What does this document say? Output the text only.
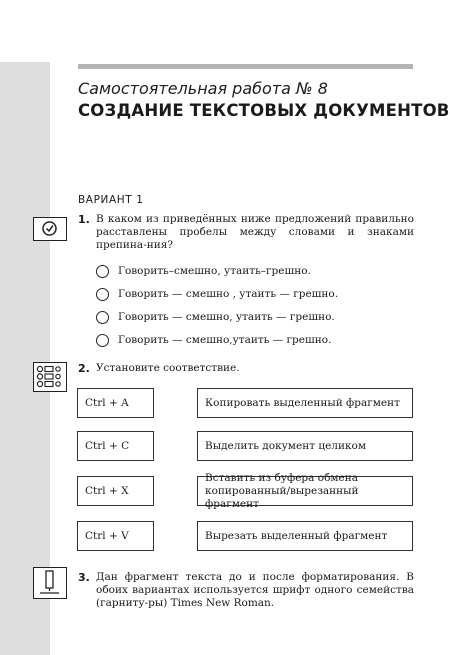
Самостоятельная работа № 8
СОЗДАНИЕ ТЕКСТОВЫХ ДОКУМЕНТОВ
ВАРИАНТ 1
1. В каком из приведённых ниже предложений правильно расставлены пробелы между словами и знаками препина-ния?
Говорить–смешно, утаить–грешно.
Говорить — смешно , утаить — грешно.
Говорить — смешно, утаить — грешно.
Говорить — смешно,утаить — грешно.
2. Установите соответствие.
Ctrl + A
Ctrl + C
Ctrl + X
Ctrl + V
Копировать выделенный фрагмент
Выделить документ целиком
Вставить из буфера обмена копированный/вырезанный фрагмент
Вырезать выделенный фрагмент
3. Дан фрагмент текста до и после форматирования. В обоих вариантах используется шрифт одного семейства (гарниту-ры) Times New Roman.
